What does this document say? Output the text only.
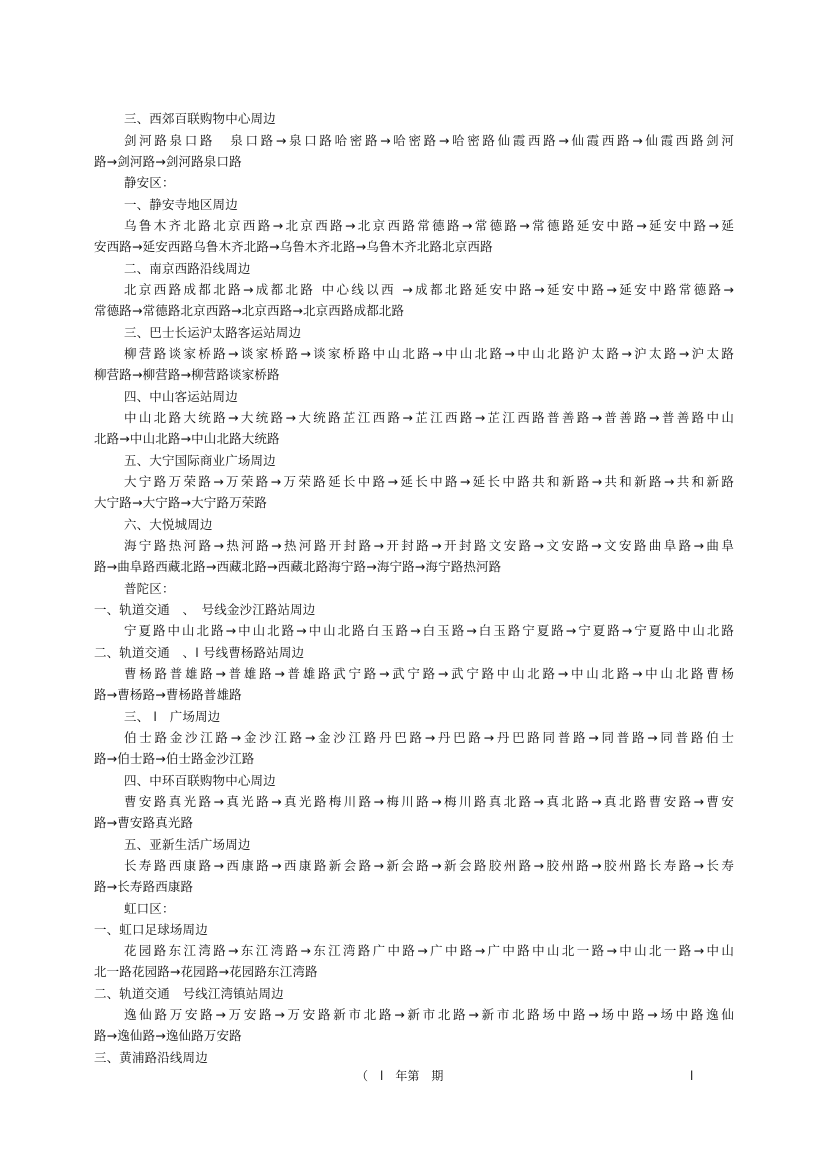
三、西郊百联购物中心周边
剑河路泉口路　泉口路→泉口路哈密路→哈密路→哈密路仙霞西路→仙霞西路→仙霞西路剑河
路→剑河路→剑河路泉口路
静安区：
一、静安寺地区周边
乌鲁木齐北路北京西路→北京西路→北京西路常德路→常德路→常德路延安中路→延安中路→延
安西路→延安西路乌鲁木齐北路→乌鲁木齐北路→乌鲁木齐北路北京西路
二、南京西路沿线周边
北京西路成都北路→成都北路 中心线以西 →成都北路延安中路→延安中路→延安中路常德路→
常德路→常德路北京西路→北京西路→北京西路成都北路
三、巴士长运沪太路客运站周边
柳营路谈家桥路→谈家桥路→谈家桥路中山北路→中山北路→中山北路沪太路→沪太路→沪太路
柳营路→柳营路→柳营路谈家桥路
四、中山客运站周边
中山北路大统路→大统路→大统路芷江西路→芷江西路→芷江西路普善路→普善路→普善路中山
北路→中山北路→中山北路大统路
五、大宁国际商业广场周边
大宁路万荣路→万荣路→万荣路延长中路→延长中路→延长中路共和新路→共和新路→共和新路
大宁路→大宁路→大宁路万荣路
六、大悦城周边
海宁路热河路→热河路→热河路开封路→开封路→开封路文安路→文安路→文安路曲阜路→曲阜
路→曲阜路西藏北路→西藏北路→西藏北路海宁路→海宁路→海宁路热河路
普陀区：
一、轨道交通　、　号线金沙江路站周边
宁夏路中山北路→中山北路→中山北路白玉路→白玉路→白玉路宁夏路→宁夏路→宁夏路中山北路
二、轨道交通　、l 号线曹杨路站周边
曹杨路普雄路→普雄路→普雄路武宁路→武宁路→武宁路中山北路→中山北路→中山北路曹杨
路→曹杨路→曹杨路普雄路
三、 l　广场周边
伯士路金沙江路→金沙江路→金沙江路丹巴路→丹巴路→丹巴路同普路→同普路→同普路伯士
路→伯士路→伯士路金沙江路
四、中环百联购物中心周边
曹安路真光路→真光路→真光路梅川路→梅川路→梅川路真北路→真北路→真北路曹安路→曹安
路→曹安路真光路
五、亚新生活广场周边
长寿路西康路→西康路→西康路新会路→新会路→新会路胶州路→胶州路→胶州路长寿路→长寿
路→长寿路西康路
虹口区：
一、虹口足球场周边
花园路东江湾路→东江湾路→东江湾路广中路→广中路→广中路中山北一路→中山北一路→中山
北一路花园路→花园路→花园路东江湾路
二、轨道交通　号线江湾镇站周边
逸仙路万安路→万安路→万安路新市北路→新市北路→新市北路场中路→场中路→场中路逸仙
路→逸仙路→逸仙路万安路
三、黄浦路沿线周边
（　l　年第　期	l
